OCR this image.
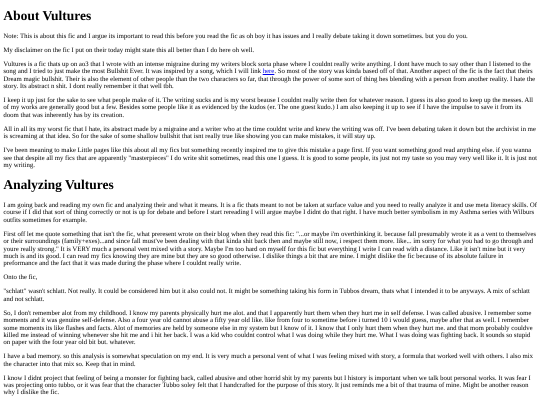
About Vultures

Note: This is about this fic and I argue its important to read this before you read the fic as oh boy it has issues and I really debate taking it down sometimes. but you do you.

My disclaimer on the fic I put on their today might state this all better than I do here oh well.

Vultures is a fic thats up on ao3 that I wrote with an intense migraine during my writers block sorta phase where I couldnt really write anything. I dont have much to say other than I listened to the song and I tried to just make the most Bullshit Ever. It was inspired by a song, which I will link here. So most of the story was kinda based off of that. Another aspect of the fic is the fact that theirs Dream magic bullshit. Their is also the element of other people than the two characters so far, that through the power of some sort of thing hes blending with a person from another reality. I hate the story. Its abstract n shit. I dont really remember it that well tbh.

I keep it up just for the sake to see what people make of it. The writing sucks and is my worst beause I couldnt really write then for whatever reason. I guess its also good to keep up the messes. All of my works are generally good but a few. Besides some people like it as evidenced by the kudos (er. The one guest kudo.) I am also keeping it up to see if I have the impulse to save it from its doom that was inherently has by its creation.

All in all its my worst fic that I hate, its abstract made by a migraine and a writer who at the time couldnt write and knew the writing was off. I've been debating taken it down but the archivist in me is screaming at that idea. So for the sake of some shallow bullshit that isnt really true like showing you can make mistakes, it will stay up.

I've been meaning to make Little pages like this about all my fics but something recently inspired me to give this mistake a page first. If you want something good read anything else. if you wanna see that despite all my fics that are apparently "masterpieces" I do write shit sometimes, read this one I guess. It is good to some people, its just not my taste so you may very well like it. It is just not my writing.

Analyzing Vultures

I am going back and reading my own fic and analyzing their and what it means. It is a fic thats meant to not be taken at surface value and you need to really analyze it and use meta literacy skills. Of course if I did that sort of thing correctly or not is up for debate and before I start rereading I will argue maybe I didnt do that right. I have much better symbolism in my Asthma series with Wilburs outfits sometimes for example.

First off let me quote something that isn't the fic, what preresent wrote on their blog when they read this fic: "...or maybe i'm overthinking it. because fall presumably wrote it as a vent to themselves or their surroundings (family+exes)...and since fall must've been dealing with that kinda shit back then and maybe still now, i respect them more. like... im sorry for what you had to go through and youre really strong." It is VERY much a personal vent mixed with a story. Maybe I'm too hard on myself for this fic but everything I write I can read with a distance. Like it isn't mine but it very much is and its good. I can read my fics knowing they are mine but they are so good otherwise. I dislike things a bit that are mine. I might dislike the fic because of its absolute failure in preformance and the fact that it was made during the phase where I couldnt really write.

Onto the fic,

"schlatt" wasn't schlatt. Not really. It could be considered him but it also could not. It might be something taking his form in Tubbos dream, thats what I intended it to be anyways. A mix of schlatt and not schlatt.

So, I don't remember alot from my childhood. I know my parents physically hurt me alot. and that I apparently hurt them when they hurt me in self defense. I was called abusive. I remember some moments and it was genuine self-defense. Also a four year old cannot abuse a fifty year old like. like from four to sometime before i turned 10 i would guess, maybe after that as well. I remember some moments its like flashes and facts. Alot of memories are held by someone else in my system but I know of it. I know that I only hurt them when they hurt me. and that mom probably couldve killed me instead of winning whenever she hit me and i hit her back. I was a kid who couldnt control what I was doing while they hurt me. What I was doing was fighting back. It sounds so stupid on paper with the four year old bit but. whatever.

I have a bad memory. so this analysis is somewhat speculation on my end. It is very much a personal vent of what I was feeling mixed with story, a formula that worked well with others. I also mix the character into that mix so. Keep that in mind.

I know I didnt project that feeling of being a monster for fighting back, called abusive and other horrid shit by my parents but I history is important when we talk bout personal works. It was fear I was projecting onto tubbo, or it was fear that the character Tubbo soley felt that I handcrafted for the purpose of this story. It just reminds me a bit of that trauma of mine. Might be another reason why I dislike the fic.
